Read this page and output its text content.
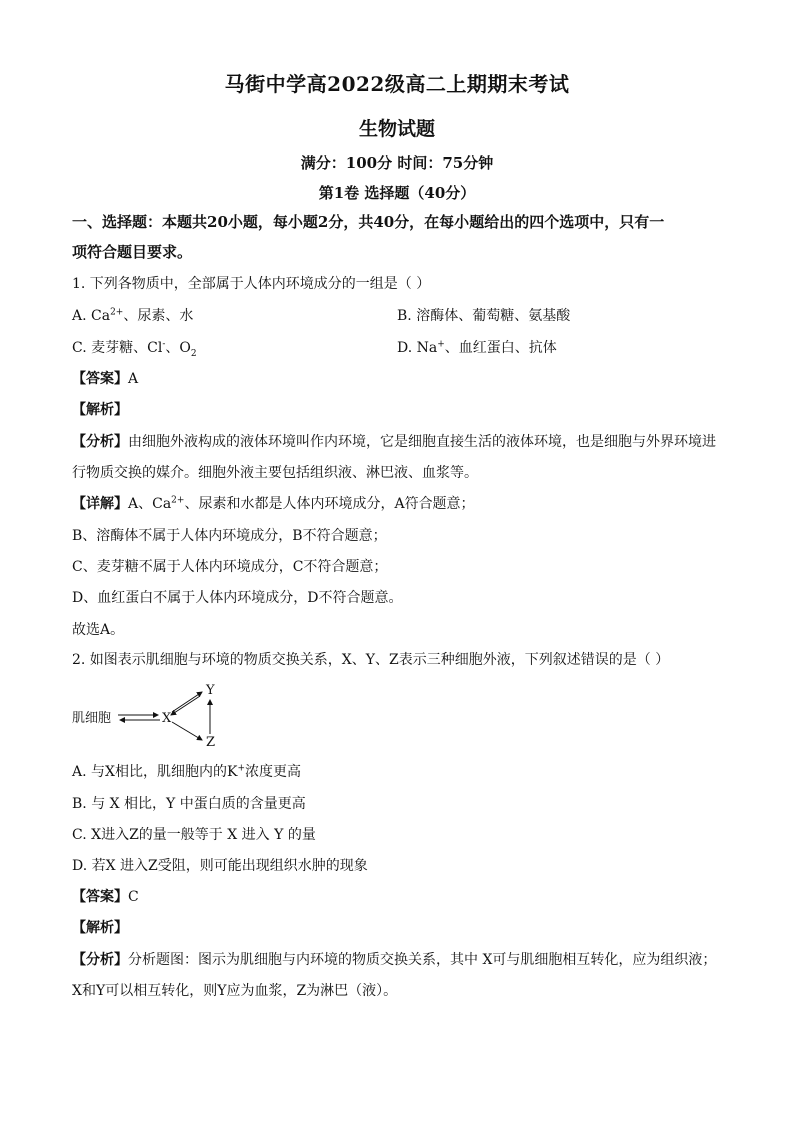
马街中学高2022级高二上期期末考试
生物试题
满分：100分 时间：75分钟
第1卷 选择题（40分）
一、选择题：本题共20小题，每小题2分，共40分，在每小题给出的四个选项中，只有一
项符合题目要求。
1. 下列各物质中，全部属于人体内环境成分的一组是（ ）
A. $Ca^{2+}$、尿素、水	B. 溶酶体、葡萄糖、氨基酸
C. 麦芽糖、Cl-、$O_2$	D. Na+、血红蛋白、抗体
【答案】A
【解析】
【分析】由细胞外液构成的液体环境叫作内环境，它是细胞直接生活的液体环境，也是细胞与外界环境进
行物质交换的媒介。细胞外液主要包括组织液、淋巴液、血浆等。
【详解】A、$Ca^{2+}$、尿素和水都是人体内环境成分，A符合题意；
B、溶酶体不属于人体内环境成分，B不符合题意；
C、麦芽糖不属于人体内环境成分，C不符合题意；
D、血红蛋白不属于人体内环境成分，D不符合题意。
故选A。
2. 如图表示肌细胞与环境的物质交换关系，X、Y、Z表示三种细胞外液，下列叙述错误的是（ ）
肌细胞	X
Y
Z
A. 与X相比，肌细胞内的K+浓度更高
B. 与 X 相比，Y 中蛋白质的含量更高
C. X进入Z的量一般等于 X 进入 Y 的量
D. 若X 进入Z受阻，则可能出现组织水肿的现象
【答案】C
【解析】
【分析】分析题图：图示为肌细胞与内环境的物质交换关系，其中 X可与肌细胞相互转化，应为组织液；
X和Y可以相互转化，则Y应为血浆，Z为淋巴（液）。
